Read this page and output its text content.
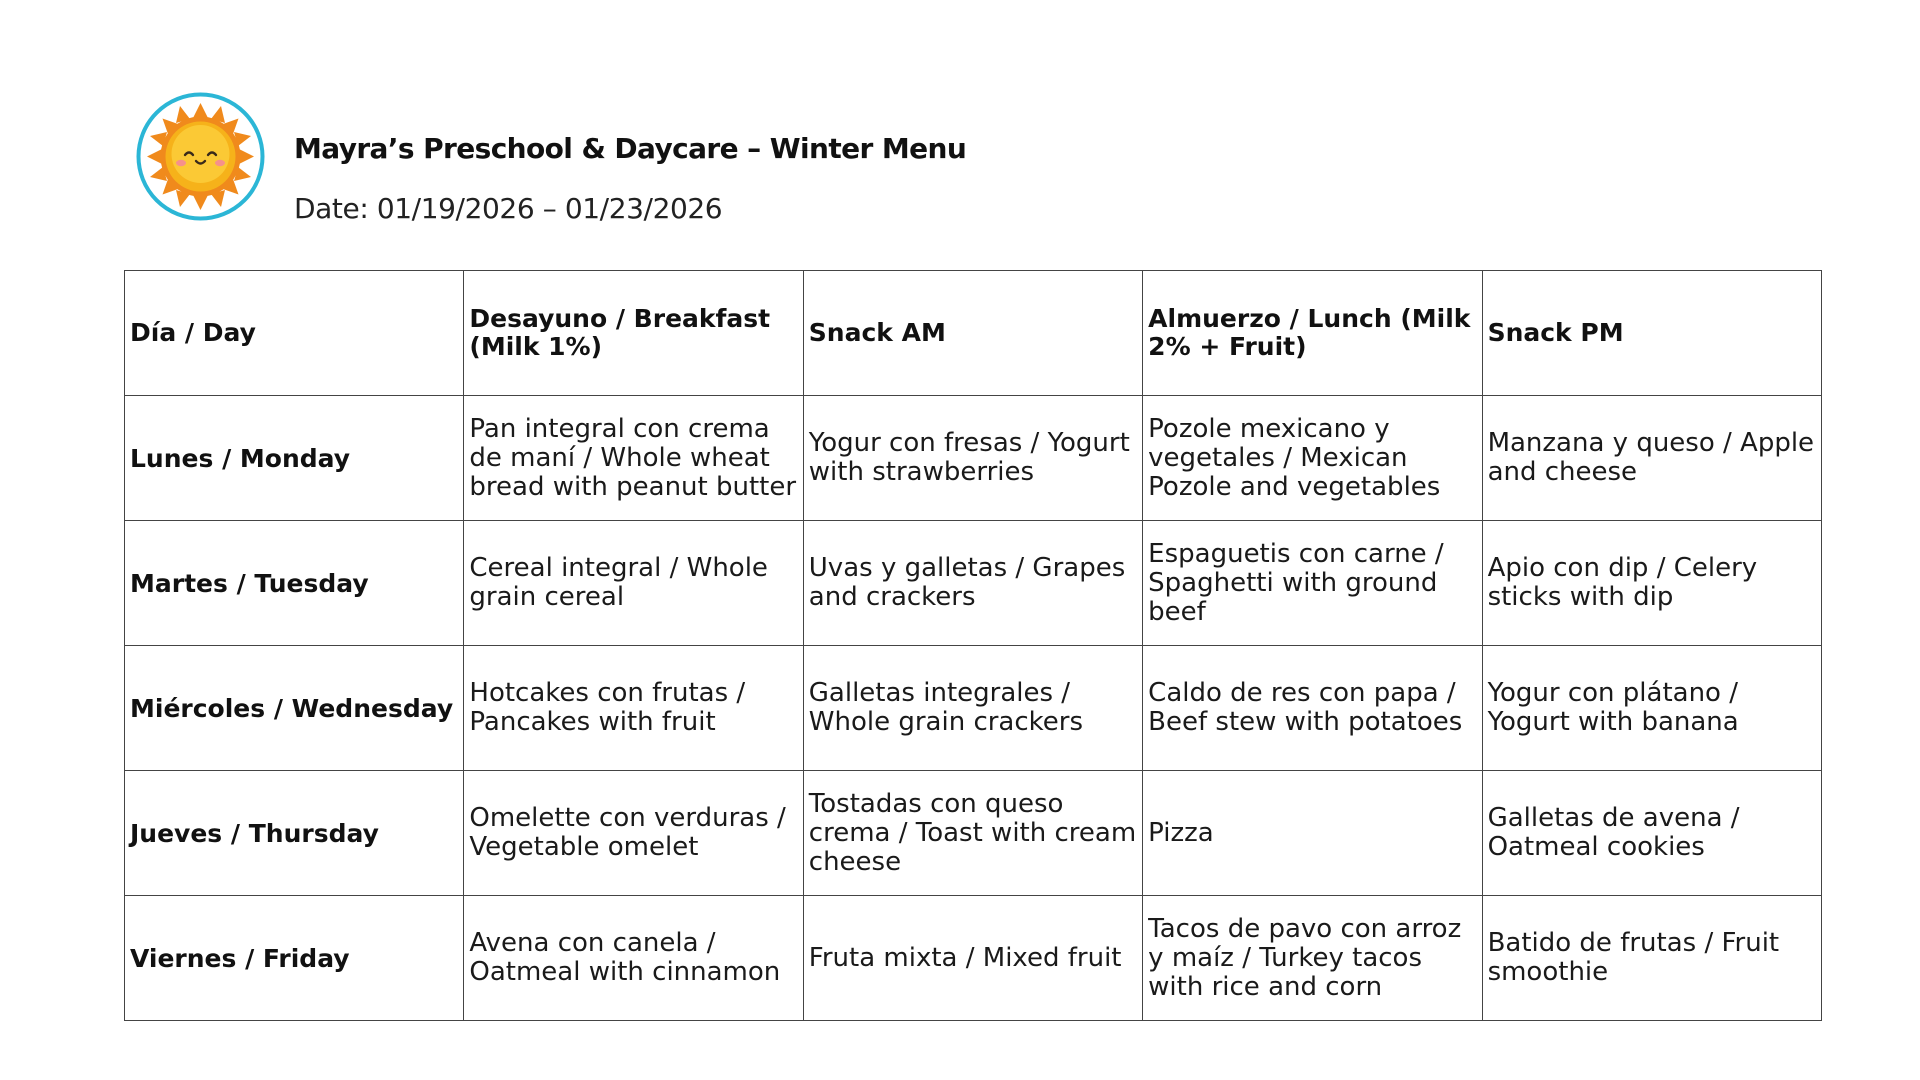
Mayra’s Preschool & Daycare – Winter Menu
Date: 01/19/2026 – 01/23/2026
Día / Day	Desayuno / Breakfast (Milk 1%)	Snack AM	Almuerzo / Lunch (Milk 2% + Fruit)	Snack PM
Lunes / Monday	Pan integral con crema de maní / Whole wheat bread with peanut butter	Yogur con fresas / Yogurt with strawberries	Pozole mexicano y vegetales / Mexican Pozole and vegetables	Manzana y queso / Apple and cheese
Martes / Tuesday	Cereal integral / Whole grain cereal	Uvas y galletas / Grapes and crackers	Espaguetis con carne / Spaghetti with ground beef	Apio con dip / Celery sticks with dip
Miércoles / Wednesday	Hotcakes con frutas / Pancakes with fruit	Galletas integrales / Whole grain crackers	Caldo de res con papa / Beef stew with potatoes	Yogur con plátano / Yogurt with banana
Jueves / Thursday	Omelette con verduras / Vegetable omelet	Tostadas con queso crema / Toast with cream cheese	Pizza	Galletas de avena / Oatmeal cookies
Viernes / Friday	Avena con canela / Oatmeal with cinnamon	Fruta mixta / Mixed fruit	Tacos de pavo con arroz y maíz / Turkey tacos with rice and corn	Batido de frutas / Fruit smoothie
